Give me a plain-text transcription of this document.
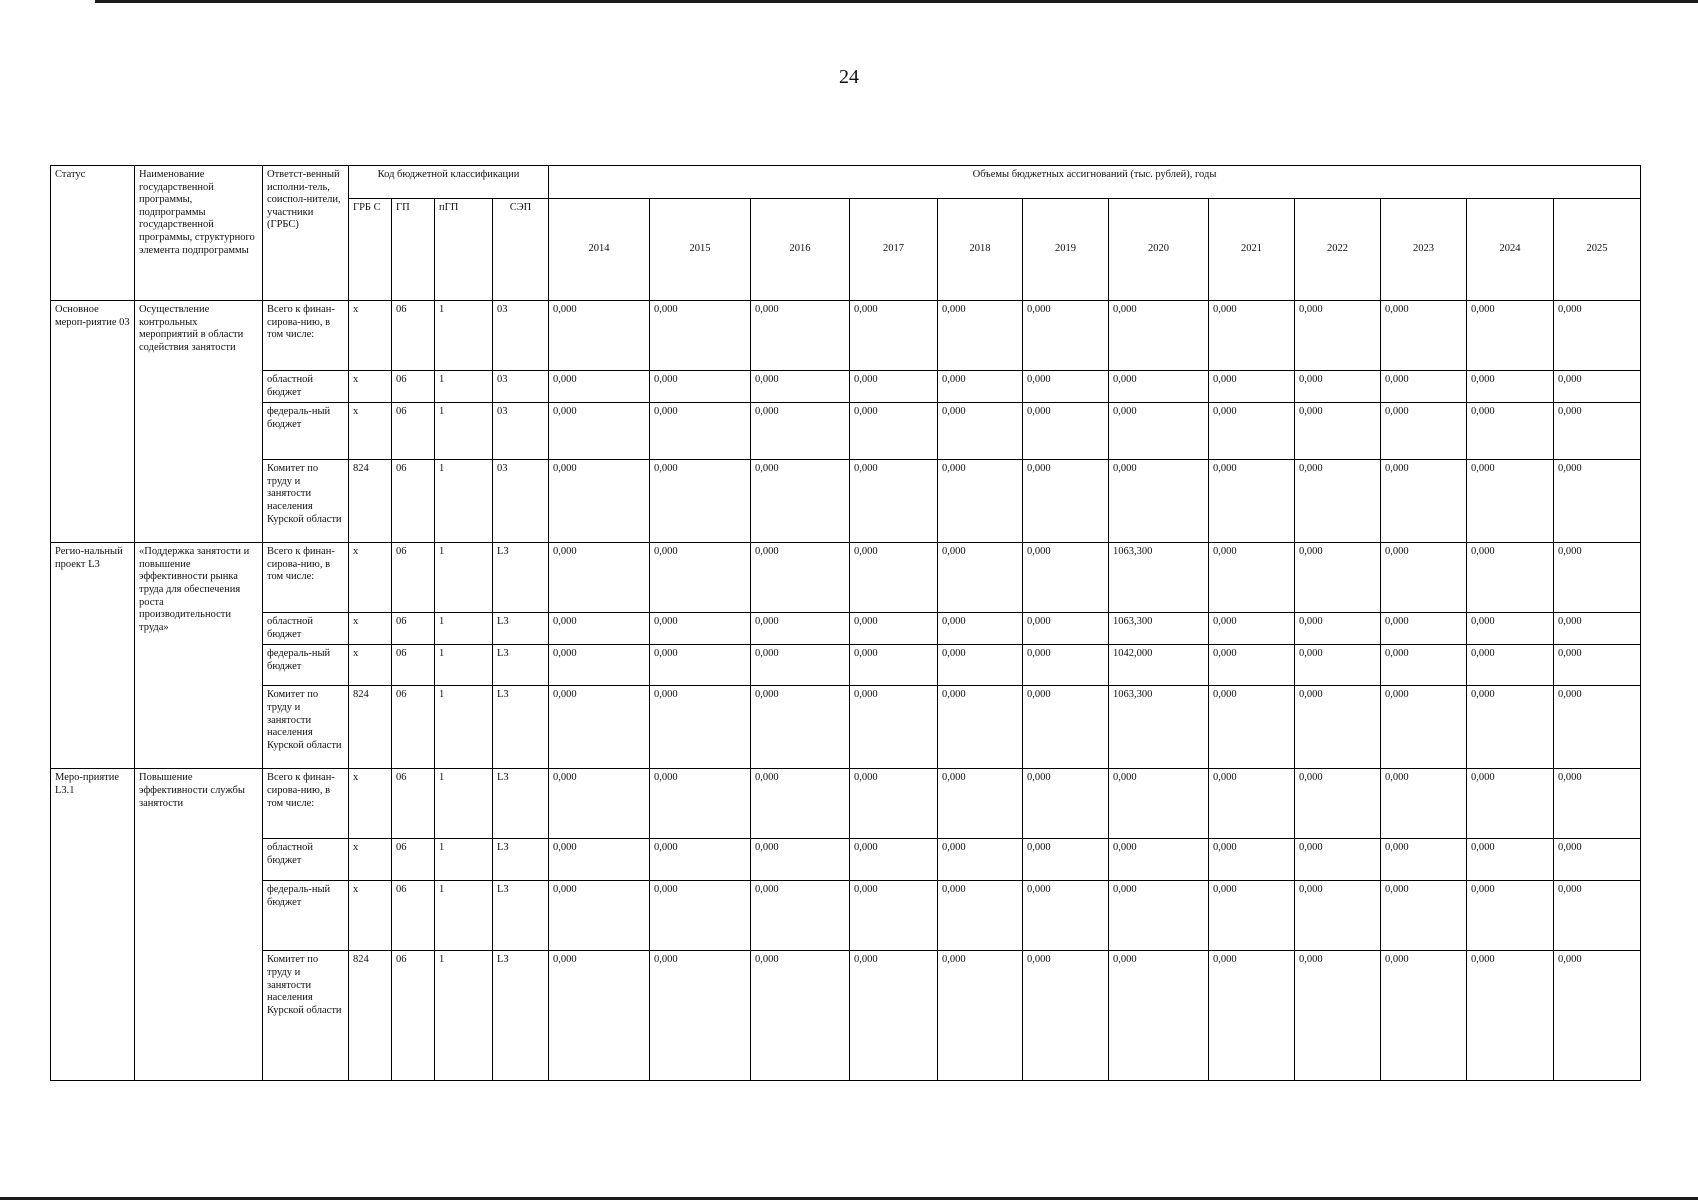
24
Статус	Наименование государственной программы, подпрограммы государственной программы, структурного элемента подпрограммы	Ответст-венный исполни-тель, соиспол-нители, участники (ГРБС)	Код бюджетной классификации				Объемы бюджетных ассигнований (тыс. рублей), годы											
			ГРБ С	ГП	пГП	СЭП	2014	2015	2016	2017	2018	2019	2020	2021	2022	2023	2024	2025
Основное мероп-риятие 03	Осуществление контрольных мероприятий в области содействия занятости	Всего к финан-сирова-нию, в том числе:	х	06	1	03	0,000	0,000	0,000	0,000	0,000	0,000	0,000	0,000	0,000	0,000	0,000	0,000
		областной бюджет	х	06	1	03	0,000	0,000	0,000	0,000	0,000	0,000	0,000	0,000	0,000	0,000	0,000	0,000
		федераль-ный бюджет	х	06	1	03	0,000	0,000	0,000	0,000	0,000	0,000	0,000	0,000	0,000	0,000	0,000	0,000
		Комитет по труду и занятости населения Курской области	824	06	1	03	0,000	0,000	0,000	0,000	0,000	0,000	0,000	0,000	0,000	0,000	0,000	0,000
Регио-нальный проект L3	«Поддержка занятости и повышение эффективности рынка труда для обеспечения роста производительности труда»	Всего к финан-сирова-нию, в том числе:	х	06	1	L3	0,000	0,000	0,000	0,000	0,000	0,000	1063,300	0,000	0,000	0,000	0,000	0,000
		областной бюджет	х	06	1	L3	0,000	0,000	0,000	0,000	0,000	0,000	1063,300	0,000	0,000	0,000	0,000	0,000
		федераль-ный бюджет	х	06	1	L3	0,000	0,000	0,000	0,000	0,000	0,000	1042,000	0,000	0,000	0,000	0,000	0,000
		Комитет по труду и занятости населения Курской области	824	06	1	L3	0,000	0,000	0,000	0,000	0,000	0,000	1063,300	0,000	0,000	0,000	0,000	0,000
Меро-приятие L3.1	Повышение эффективности службы занятости	Всего к финан-сирова-нию, в том числе:	х	06	1	L3	0,000	0,000	0,000	0,000	0,000	0,000	0,000	0,000	0,000	0,000	0,000	0,000
		областной бюджет	х	06	1	L3	0,000	0,000	0,000	0,000	0,000	0,000	0,000	0,000	0,000	0,000	0,000	0,000
		федераль-ный бюджет	х	06	1	L3	0,000	0,000	0,000	0,000	0,000	0,000	0,000	0,000	0,000	0,000	0,000	0,000
		Комитет по труду и занятости населения Курской области	824	06	1	L3	0,000	0,000	0,000	0,000	0,000	0,000	0,000	0,000	0,000	0,000	0,000	0,000
